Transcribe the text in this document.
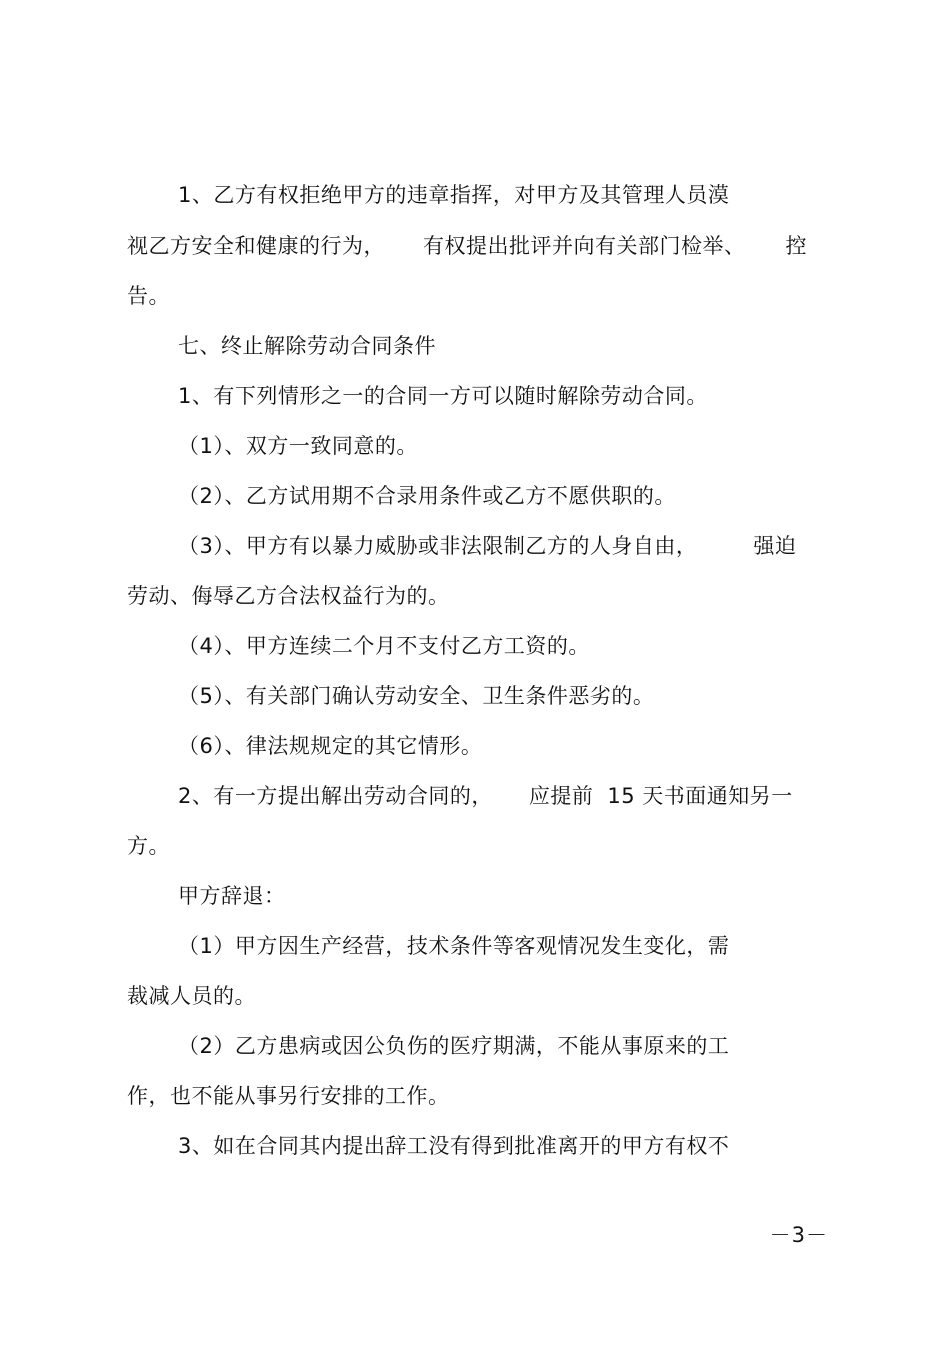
1、乙方有权拒绝甲方的违章指挥，对甲方及其管理人员漠
视乙方安全和健康的行为， 有权提出批评并向有关部门检举、 控
告。
七、终止解除劳动合同条件
1、有下列情形之一的合同一方可以随时解除劳动合同。
（1）、双方一致同意的。
（2）、乙方试用期不合录用条件或乙方不愿供职的。
（3）、甲方有以暴力威胁或非法限制乙方的人身自由，	强迫
劳动、侮辱乙方合法权益行为的。
（4）、甲方连续二个月不支付乙方工资的。
（5）、有关部门确认劳动安全、卫生条件恶劣的。
（6）、律法规规定的其它情形。
2、有一方提出解出劳动合同的， 应提前 15 天书面通知另一
方。
甲方辞退：
（1）甲方因生产经营，技术条件等客观情况发生变化，需
裁减人员的。
（2）乙方患病或因公负伤的医疗期满，不能从事原来的工
作，也不能从事另行安排的工作。
3、如在合同其内提出辞工没有得到批准离开的甲方有权不
－3－
